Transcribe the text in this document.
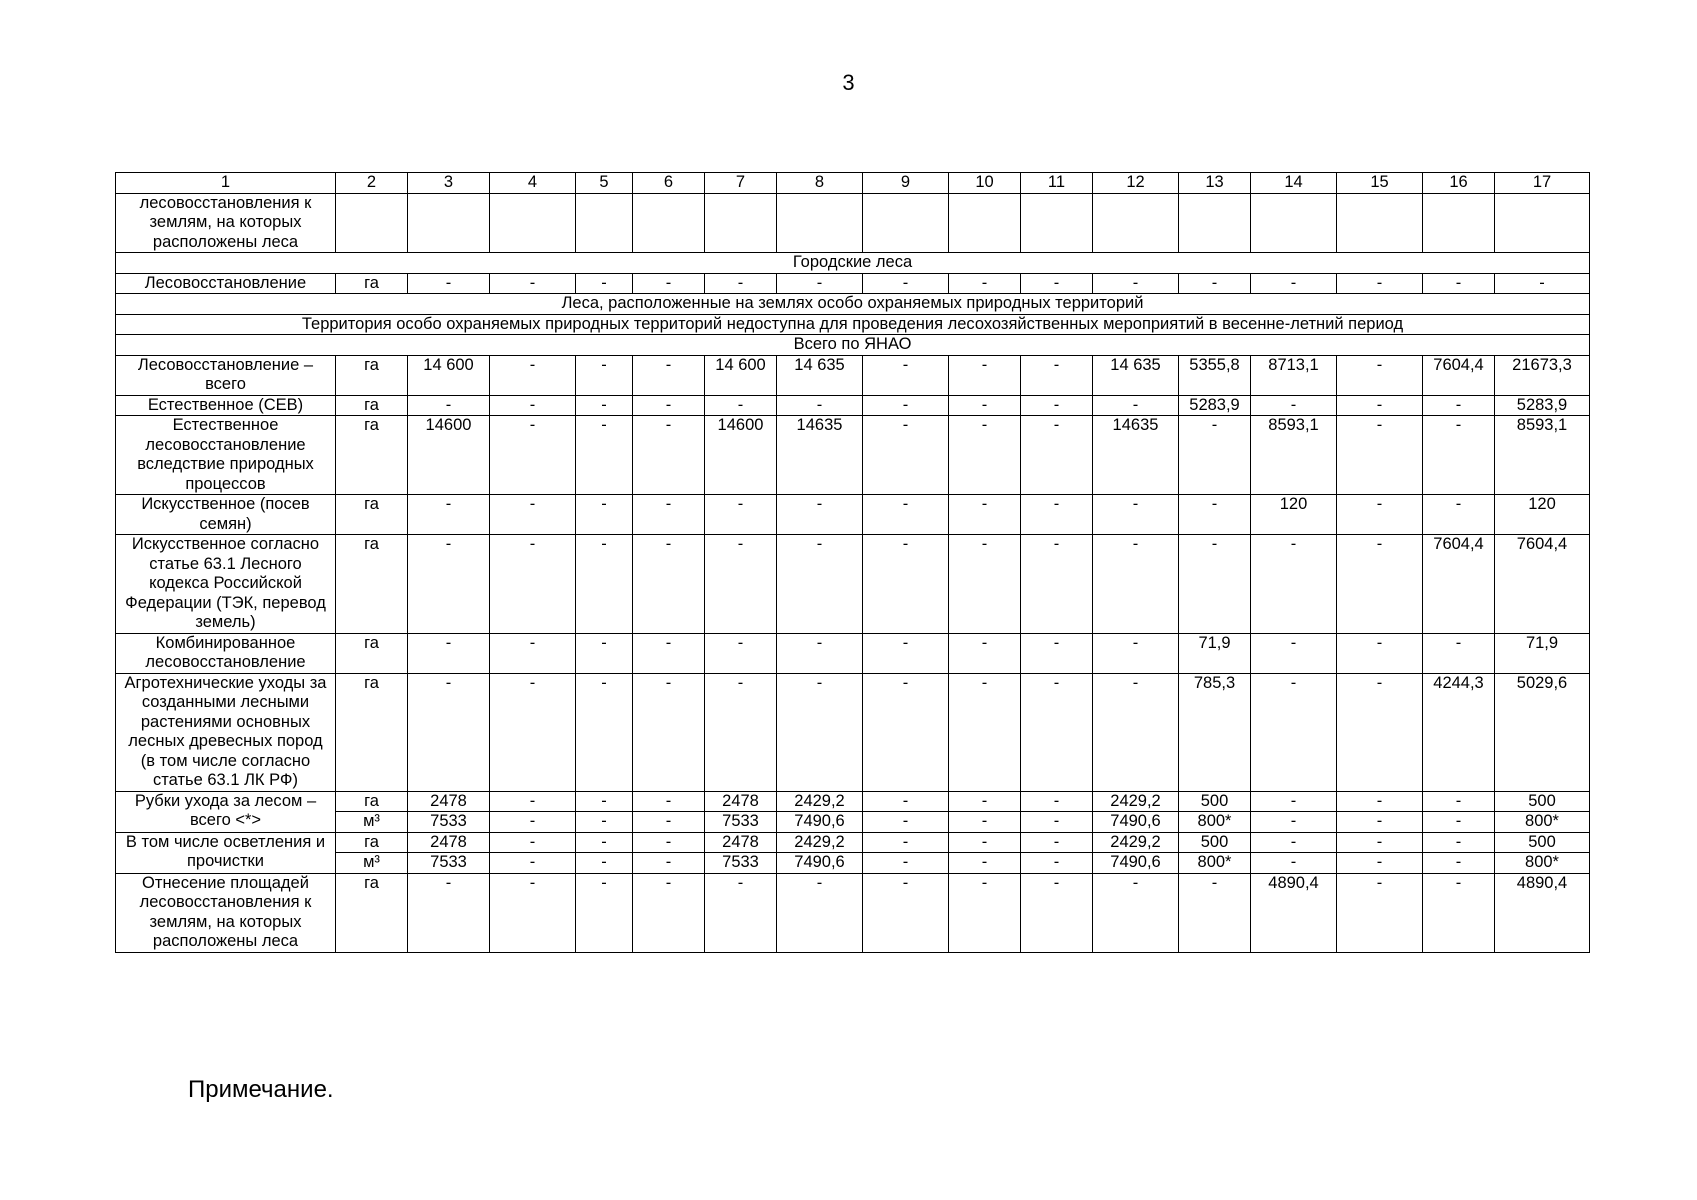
3
1	2	3	4	5	6	7	8	9	10	11	12	13	14	15	16	17
лесовосстановления к землям, на которых расположены леса																
Городские леса																
Лесовосстановление	га	-	-	-	-	-	-	-	-	-	-	-	-	-	-	-
Леса, расположенные на землях особо охраняемых природных территорий																
Территория особо охраняемых природных территорий недоступна для проведения лесохозяйственных мероприятий в весенне-летний период																
Всего по ЯНАО																
Лесовосстановление – всего	га	14 600	-	-	-	14 600	14 635	-	-	-	14 635	5355,8	8713,1	-	7604,4	21673,3
Естественное (СЕВ)	га	-	-	-	-	-	-	-	-	-	-	5283,9	-	-	-	5283,9
Естественное лесовосстановление вследствие природных процессов	га	14600	-	-	-	14600	14635	-	-	-	14635	-	8593,1	-	-	8593,1
Искусственное (посев семян)	га	-	-	-	-	-	-	-	-	-	-	-	120	-	-	120
Искусственное согласно статье 63.1 Лесного кодекса Российской Федерации (ТЭК, перевод земель)	га	-	-	-	-	-	-	-	-	-	-	-	-	-	7604,4	7604,4
Комбинированное лесовосстановление	га	-	-	-	-	-	-	-	-	-	-	71,9	-	-	-	71,9
Агротехнические уходы за созданными лесными растениями основных лесных древесных пород (в том числе согласно статье 63.1 ЛК РФ)	га	-	-	-	-	-	-	-	-	-	-	785,3	-	-	4244,3	5029,6
Рубки ухода за лесом – всего <*>	га	2478	-	-	-	2478	2429,2	-	-	-	2429,2	500	-	-	-	500
	м³	7533	-	-	-	7533	7490,6	-	-	-	7490,6	800*	-	-	-	800*
В том числе осветления и прочистки	га	2478	-	-	-	2478	2429,2	-	-	-	2429,2	500	-	-	-	500
	м³	7533	-	-	-	7533	7490,6	-	-	-	7490,6	800*	-	-	-	800*
Отнесение площадей лесовосстановления к землям, на которых расположены леса	га	-	-	-	-	-	-	-	-	-	-	-	4890,4	-	-	4890,4
Примечание.
